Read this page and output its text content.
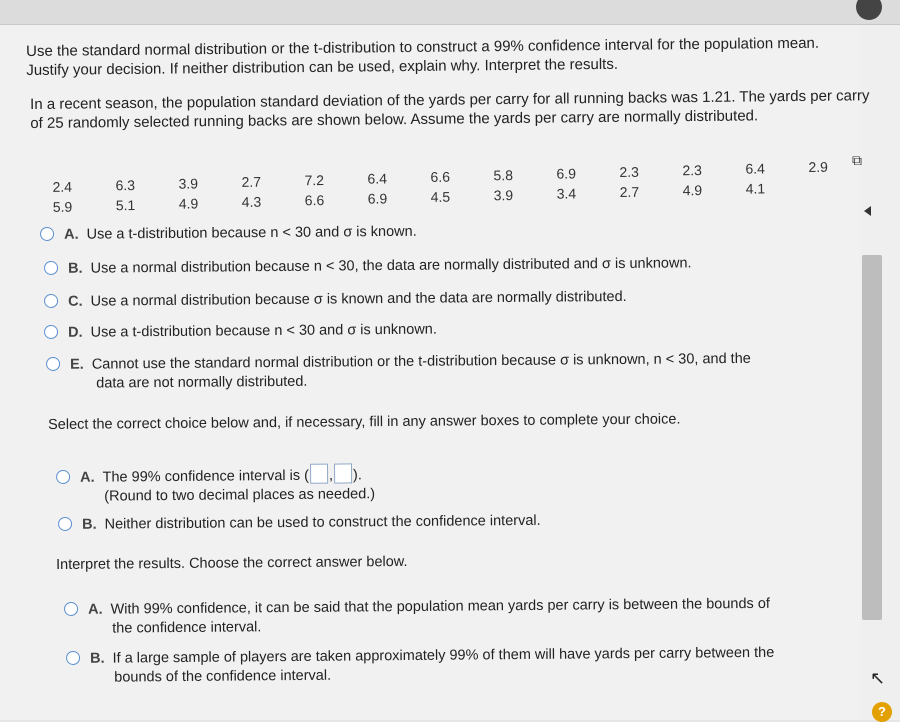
⧉
Use the standard normal distribution or the t-distribution to construct a 99% confidence interval for the population mean. Justify your decision. If neither distribution can be used, explain why. Interpret the results.
In a recent season, the population standard deviation of the yards per carry for all running backs was 1.21. The yards per carry of 25 randomly selected running backs are shown below. Assume the yards per carry are normally distributed.
2.4	6.3	3.9	2.7	7.2	6.4	6.6	5.8	6.9	2.3	2.3	6.4	2.9
5.9	5.1	4.9	4.3	6.6	6.9	4.5	3.9	3.4	2.7	4.9	4.1
A. Use a t-distribution because n < 30 and σ is known.
B. Use a normal distribution because n < 30, the data are normally distributed and σ is unknown.
C. Use a normal distribution because σ is known and the data are normally distributed.
D. Use a t-distribution because n < 30 and σ is unknown.
E. Cannot use the standard normal distribution or the t-distribution because σ is unknown, n < 30, and the
data are not normally distributed.
Select the correct choice below and, if necessary, fill in any answer boxes to complete your choice.
A. The 99% confidence interval is ( , ).
(Round to two decimal places as needed.)
B. Neither distribution can be used to construct the confidence interval.
Interpret the results. Choose the correct answer below.
A. With 99% confidence, it can be said that the population mean yards per carry is between the bounds of
the confidence interval.
B. If a large sample of players are taken approximately 99% of them will have yards per carry between the
bounds of the confidence interval.	↖
?
